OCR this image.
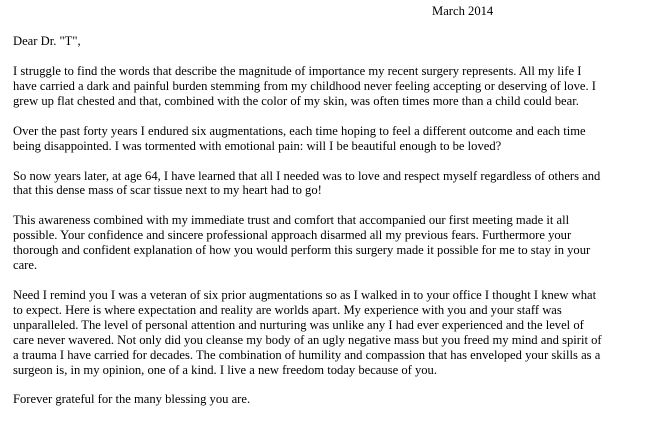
March 2014
Dear Dr. "T",

I struggle to find the words that describe the magnitude of importance my recent surgery represents. All my life I
have carried a dark and painful burden stemming from my childhood never feeling accepting or deserving of love. I
grew up flat chested and that, combined with the color of my skin, was often times more than a child could bear.

Over the past forty years I endured six augmentations, each time hoping to feel a different outcome and each time
being disappointed. I was tormented with emotional pain: will I be beautiful enough to be loved?

So now years later, at age 64, I have learned that all I needed was to love and respect myself regardless of others and
that this dense mass of scar tissue next to my heart had to go!

This awareness combined with my immediate trust and comfort that accompanied our first meeting made it all
possible. Your confidence and sincere professional approach disarmed all my previous fears. Furthermore your
thorough and confident explanation of how you would perform this surgery made it possible for me to stay in your
care.

Need I remind you I was a veteran of six prior augmentations so as I walked in to your office I thought I knew what
to expect. Here is where expectation and reality are worlds apart. My experience with you and your staff was
unparalleled. The level of personal attention and nurturing was unlike any I had ever experienced and the level of
care never wavered. Not only did you cleanse my body of an ugly negative mass but you freed my mind and spirit of
a trauma I have carried for decades. The combination of humility and compassion that has enveloped your skills as a
surgeon is, in my opinion, one of a kind. I live a new freedom today because of you.

Forever grateful for the many blessing you are.
